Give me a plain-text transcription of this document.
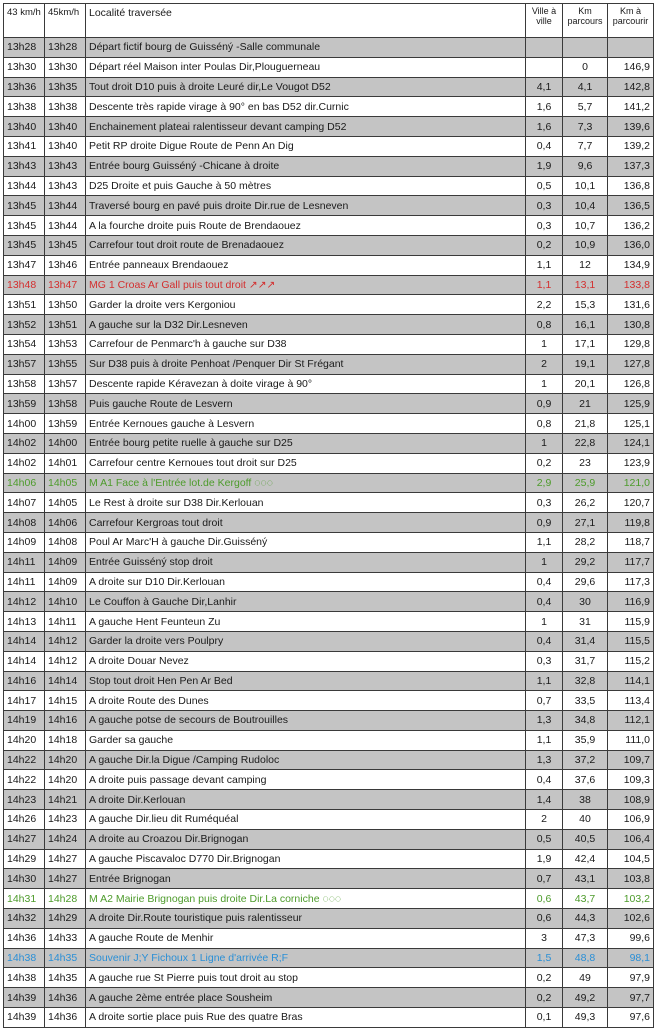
43 km/h	45km/h	Localité traversée	Ville à ville	Km parcours	Km à parcourir
13h28	13h28	Départ fictif bourg de Guisséný -Salle communale			
13h30	13h30	Départ réel Maison inter Poulas Dir,Plouguerneau		0	146,9
13h36	13h35	Tout droit D10 puis à droite Leuré dir,Le Vougot D52	4,1	4,1	142,8
13h38	13h38	Descente très rapide virage à 90° en bas D52 dir.Curnic	1,6	5,7	141,2
13h40	13h40	Enchainement plateai ralentisseur devant camping D52	1,6	7,3	139,6
13h41	13h40	Petit RP droite Digue Route de Penn An Dig	0,4	7,7	139,2
13h43	13h43	Entrée bourg Guisséný -Chicane à droite	1,9	9,6	137,3
13h44	13h43	D25 Droite et puis Gauche à 50 mètres	0,5	10,1	136,8
13h45	13h44	Traversé bourg en pavé puis droite Dir.rue de Lesneven	0,3	10,4	136,5
13h45	13h44	A la fourche droite puis Route de Brendaouez	0,3	10,7	136,2
13h45	13h45	Carrefour tout droit route de Brenadaouez	0,2	10,9	136,0
13h47	13h46	Entrée panneaux Brendaouez	1,1	12	134,9
13h48	13h47	MG 1 Croas Ar Gall puis tout droit ↗↗↗	1,1	13,1	133,8
13h51	13h50	Garder la droite vers Kergoniou	2,2	15,3	131,6
13h52	13h51	A gauche sur la D32 Dir.Lesneven	0,8	16,1	130,8
13h54	13h53	Carrefour de Penmarc'h à gauche sur D38	1	17,1	129,8
13h57	13h55	Sur D38 puis à droite Penhoat /Penquer Dir St Frégant	2	19,1	127,8
13h58	13h57	Descente rapide Kéravezan à doite virage à 90°	1	20,1	126,8
13h59	13h58	Puis gauche Route de Lesvern	0,9	21	125,9
14h00	13h59	Entrée Kernoues gauche à Lesvern	0,8	21,8	125,1
14h02	14h00	Entrée bourg petite ruelle à gauche sur D25	1	22,8	124,1
14h02	14h01	Carrefour centre Kernoues tout droit sur D25	0,2	23	123,9
14h06	14h05	M A1 Face à l'Entrée lot.de Kergoff ◌◌◌	2,9	25,9	121,0
14h07	14h05	Le Rest à droite sur D38 Dir.Kerlouan	0,3	26,2	120,7
14h08	14h06	Carrefour Kergroas tout droit	0,9	27,1	119,8
14h09	14h08	Poul Ar Marc'H à gauche Dir.Guisséný	1,1	28,2	118,7
14h11	14h09	Entrée Guisséný stop droit	1	29,2	117,7
14h11	14h09	A droite sur D10 Dir.Kerlouan	0,4	29,6	117,3
14h12	14h10	Le Couffon à Gauche Dir,Lanhir	0,4	30	116,9
14h13	14h11	A gauche Hent Feunteun Zu	1	31	115,9
14h14	14h12	Garder la droite vers Poulpry	0,4	31,4	115,5
14h14	14h12	A droite Douar Nevez	0,3	31,7	115,2
14h16	14h14	Stop tout droit Hen Pen Ar Bed	1,1	32,8	114,1
14h17	14h15	A droite Route des Dunes	0,7	33,5	113,4
14h19	14h16	A gauche potse de secours de Boutrouilles	1,3	34,8	112,1
14h20	14h18	Garder sa gauche	1,1	35,9	111,0
14h22	14h20	A gauche Dir.la Digue /Camping Rudoloc	1,3	37,2	109,7
14h22	14h20	A droite puis passage devant camping	0,4	37,6	109,3
14h23	14h21	A droite Dir.Kerlouan	1,4	38	108,9
14h26	14h23	A gauche Dir.lieu dit Ruméquéal	2	40	106,9
14h27	14h24	A droite au Croazou Dir.Brignogan	0,5	40,5	106,4
14h29	14h27	A gauche Piscavaloc D770 Dir.Brignogan	1,9	42,4	104,5
14h30	14h27	Entrée Brignogan	0,7	43,1	103,8
14h31	14h28	M A2 Mairie Brignogan puis droite Dir.La corniche ◌◌◌	0,6	43,7	103,2
14h32	14h29	A droite Dir.Route touristique puis ralentisseur	0,6	44,3	102,6
14h36	14h33	A gauche Route de Menhir	3	47,3	99,6
14h38	14h35	Souvenir J;Y Fichoux 1 Ligne d'arrivée R;F	1,5	48,8	98,1
14h38	14h35	A gauche rue St Pierre puis tout droit au stop	0,2	49	97,9
14h39	14h36	A gauche 2ème entrée place Sousheim	0,2	49,2	97,7
14h39	14h36	A droite sortie place puis Rue des quatre Bras	0,1	49,3	97,6
